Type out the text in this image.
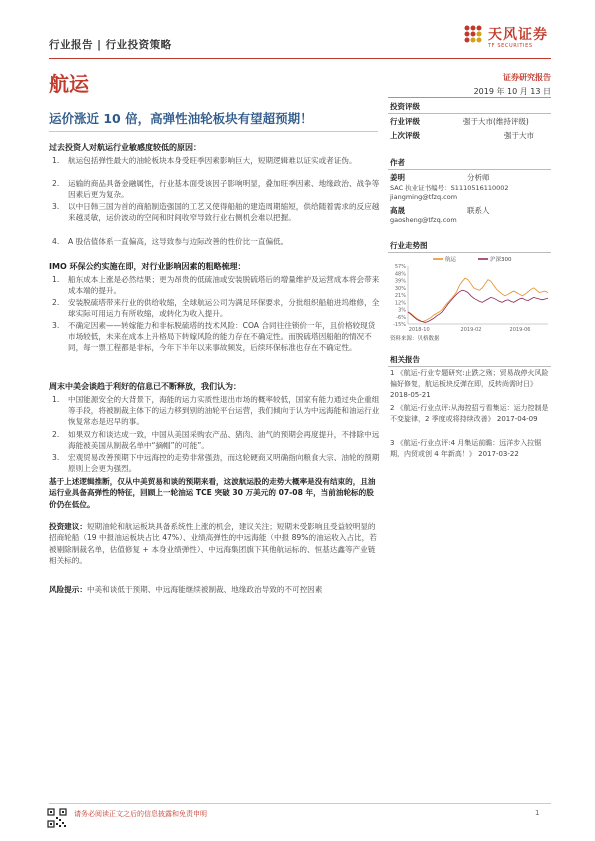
行业报告 | 行业投资策略
天风证券
TF SECURITIES
航运	证券研究报告
2019 年 10 月 13 日
运价涨近 10 倍，高弹性油轮板块有望超预期！
过去投资人对航运行业敏感度较低的原因：
1. 航运包括弹性最大的油轮板块本身受旺季因素影响巨大，短期逻辑难以证实或者证伪。
2. 运输的商品具备金融属性，行业基本面受该因子影响明显，叠加旺季因素、地缘政治、战争等因素后更为复杂。
3. 以中日韩三国为首的商船制造强国的工艺又使得船舶的建造周期缩短，供给随着需求的反应越来越灵敏，运价波动的空间和时间收窄导致行业右侧机会难以把握。
4. A 股估值体系一直偏高，这导致参与边际改善的性价比一直偏低。
IMO 环保公约实施在即，对行业影响因素的粗略梳理：
1. 船东成本上涨是必然结果；更为昂贵的低硫油或安装脱硫塔后的增量维护及运营成本将会带来成本端的提升。
2. 安装脱硫塔带来行业的供给收缩，全球航运公司为满足环保要求，分批组织船舶进坞维修，全球实际可用运力有所收缩，或转化为收入提升。
3. 不确定因素——转嫁能力和非标脱硫塔的技术风险：COA 合同往往锁价一年，且价格较现货市场较低，未来在成本上升格局下转嫁风险的能力存在不确定性。而脱硫塔因船舶的情况不同，每一票工程都是非标，今年下半年以来事故频发，后续环保标准也存在不确定性。
周末中美会谈趋于利好的信息已不断释放，我们认为：
1. 中国能源安全的大背景下，海能的运力实质性退出市场的概率较低，国家有能力通过央企重组等手段，将被制裁主体下的运力移到别的油轮平台运营，我们倾向于认为中远海能和油运行业恢复常态是迟早的事。
2. 如果双方和谈达成一致，中国从美国采购农产品、猪肉、油气的预期会再度提升，不排除中远海能被美国从制裁名单中“摘帽”的可能”。
3. 宏观贸易改善预期下中远海控的走势非常强劲，而这轮硬商又明确指向粮食大宗、油轮的预期原则上会更为强烈。
基于上述逻辑推断，仅从中美贸易和谈的预期来看，这波航运股的走势大概率是没有结束的，且油运行业具备高弹性的特征，回顾上一轮油运 TCE 突破 30 万美元的 07-08 年，当前油轮标的股价仍在低位。
投资建议：短期油轮和航运板块具备系统性上涨的机会，建议关注；短期未受影响且受益较明显的招商轮船（19 中报油运板块占比 47%）、业绩高弹性的中远海能（中报 89%的油运收入占比，若被剔除制裁名单，估值修复 + 本身业绩弹性）、中远海集团旗下其他航运标的、恒基达鑫等产业链相关标的。
风险提示：中美和谈低于预期、中远海能继续被制裁、地缘政治导致的不可控因素
投资评级
行业评级	强于大市(维持评级)
上次评级	强于大市
作者
姜明	分析师
SAC 执业证书编号：S1110516110002
jiangming@tfzq.com
高晟	联系人
gaosheng@tfzq.com
行业走势图
57%
48%
39%
30%
21%
12%
3%
-6%
-15%
2018-10	2019-02	2019-06
航运	沪深300
资料来源：贝格数据
相关报告
1 《航运-行业专题研究:止跌之殇；贸易战停火风险偏好修复，航运板块反弹在即，反转尚需时日》 2018-05-21
2 《航运-行业点评:从海控招亏看集运：运力控制是不变旋律，2 季度或将持续改善》 2017-04-09
3 《航运-行业点评:4 月集运前瞻：远洋步入拉锯期，内贸或创 4 年新高！》 2017-03-22
请务必阅读正文之后的信息披露和免责申明	1
